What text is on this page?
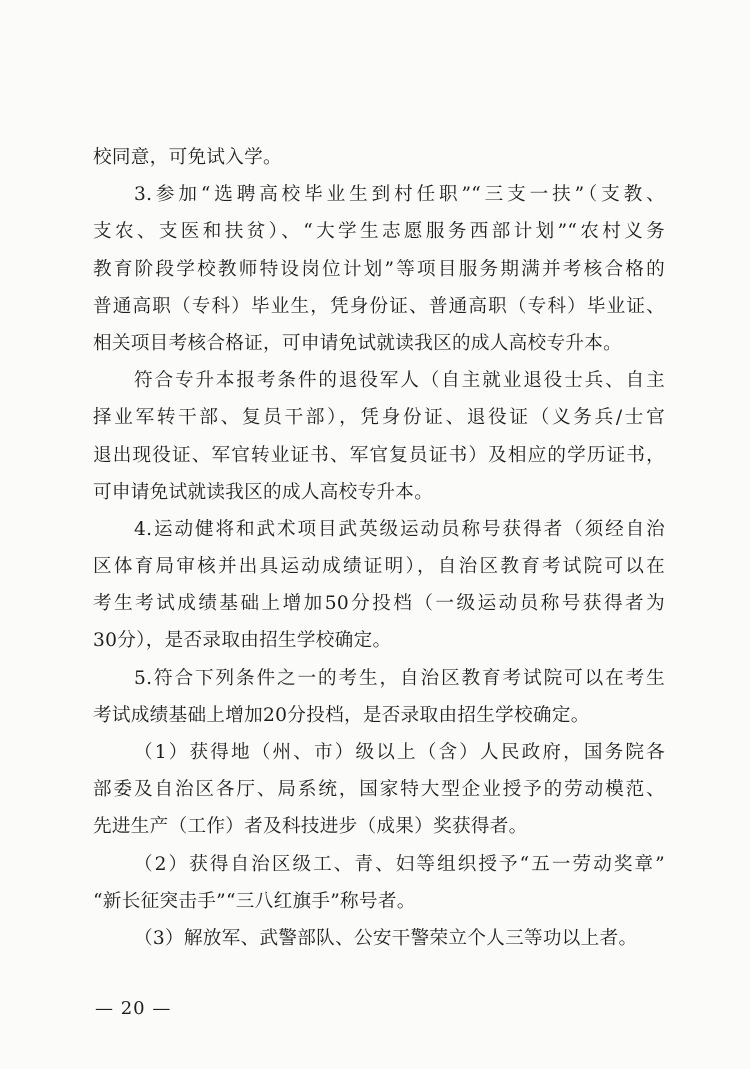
校同意，可免试入学。
3.参加“选聘高校毕业生到村任职”“三支一扶”（支教、
支农、支医和扶贫）、“大学生志愿服务西部计划”“农村义务
教育阶段学校教师特设岗位计划”等项目服务期满并考核合格的
普通高职（专科）毕业生，凭身份证、普通高职（专科）毕业证、
相关项目考核合格证，可申请免试就读我区的成人高校专升本。
符合专升本报考条件的退役军人（自主就业退役士兵、自主
择业军转干部、复员干部），凭身份证、退役证（义务兵/士官
退出现役证、军官转业证书、军官复员证书）及相应的学历证书，
可申请免试就读我区的成人高校专升本。
4.运动健将和武术项目武英级运动员称号获得者（须经自治
区体育局审核并出具运动成绩证明），自治区教育考试院可以在
考生考试成绩基础上增加50分投档（一级运动员称号获得者为
30分），是否录取由招生学校确定。
5.符合下列条件之一的考生，自治区教育考试院可以在考生
考试成绩基础上增加20分投档，是否录取由招生学校确定。
（1）获得地（州、市）级以上（含）人民政府，国务院各
部委及自治区各厅、局系统，国家特大型企业授予的劳动模范、
先进生产（工作）者及科技进步（成果）奖获得者。
（2）获得自治区级工、青、妇等组织授予“五一劳动奖章”
“新长征突击手”“三八红旗手”称号者。
（3）解放军、武警部队、公安干警荣立个人三等功以上者。
— 20 —
